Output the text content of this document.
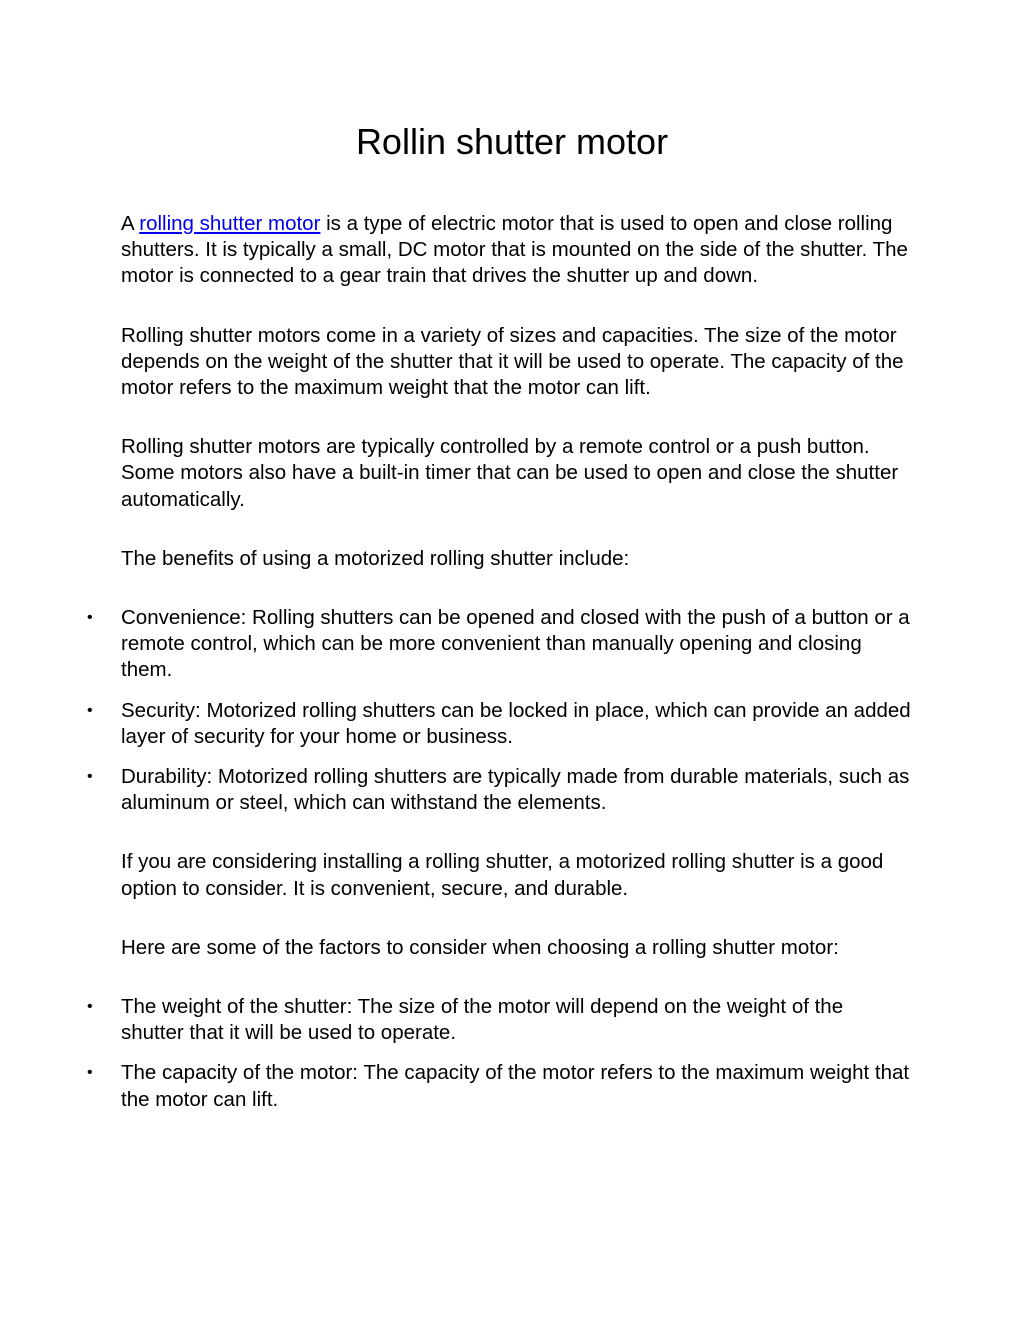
Rollin shutter motor

A rolling shutter motor is a type of electric motor that is used to open and close rolling shutters. It is typically a small, DC motor that is mounted on the side of the shutter. The motor is connected to a gear train that drives the shutter up and down.

Rolling shutter motors come in a variety of sizes and capacities. The size of the motor depends on the weight of the shutter that it will be used to operate. The capacity of the motor refers to the maximum weight that the motor can lift.

Rolling shutter motors are typically controlled by a remote control or a push button. Some motors also have a built-in timer that can be used to open and close the shutter automatically.

The benefits of using a motorized rolling shutter include:

• Convenience: Rolling shutters can be opened and closed with the push of a button or a remote control, which can be more convenient than manually opening and closing them.
• Security: Motorized rolling shutters can be locked in place, which can provide an added layer of security for your home or business.
• Durability: Motorized rolling shutters are typically made from durable materials, such as aluminum or steel, which can withstand the elements.

If you are considering installing a rolling shutter, a motorized rolling shutter is a good option to consider. It is convenient, secure, and durable.

Here are some of the factors to consider when choosing a rolling shutter motor:

• The weight of the shutter: The size of the motor will depend on the weight of the shutter that it will be used to operate.
• The capacity of the motor: The capacity of the motor refers to the maximum weight that the motor can lift.
